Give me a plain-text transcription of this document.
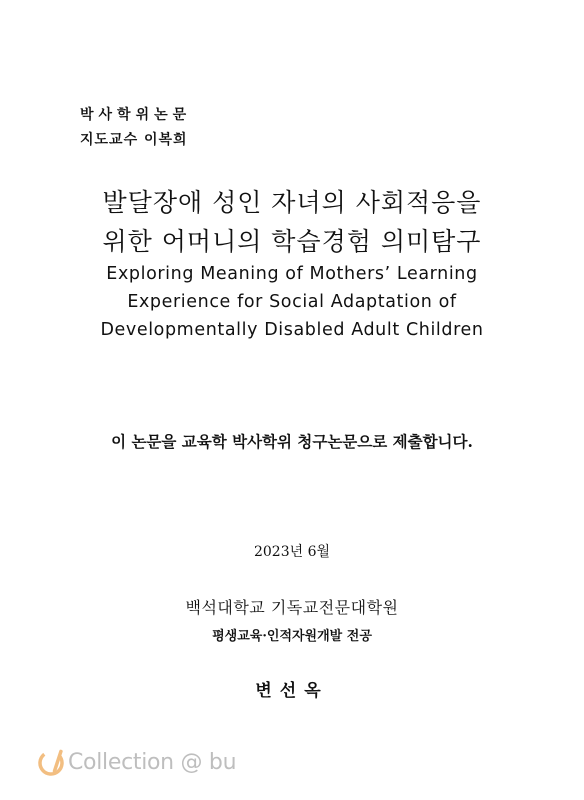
박사학위논문
지도교수 이복희
발달장애 성인 자녀의 사회적응을
위한 어머니의 학습경험 의미탐구
Exploring Meaning of Mothers’ Learning
Experience for Social Adaptation of
Developmentally Disabled Adult Children
이 논문을 교육학 박사학위 청구논문으로 제출합니다.
2023년 6월
백석대학교 기독교전문대학원
평생교육·인적자원개발 전공
변선옥
Collection @ bu
